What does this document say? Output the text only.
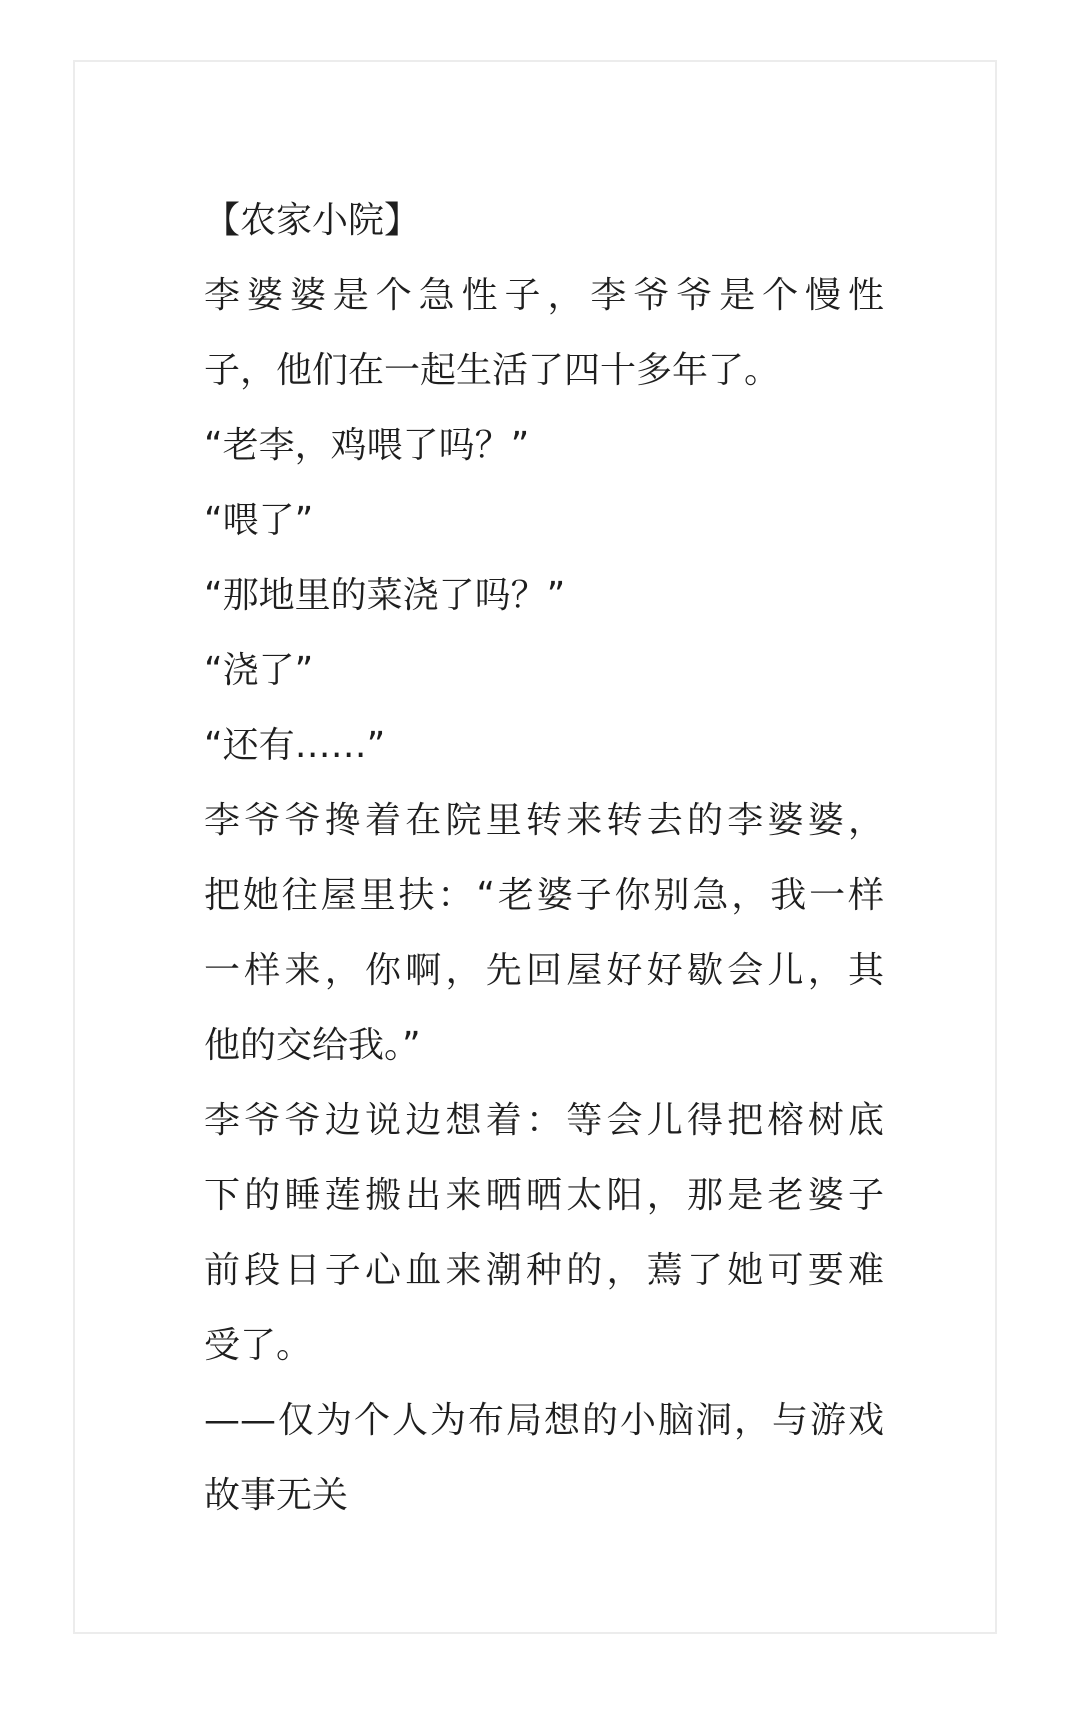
【农家小院】
李婆婆是个急性子，李爷爷是个慢性
子，他们在一起生活了四十多年了。
“老李，鸡喂了吗？”
“喂了”
“那地里的菜浇了吗？”
“浇了”
“还有……”
李爷爷搀着在院里转来转去的李婆婆，
把她往屋里扶：“老婆子你别急，我一样
一样来，你啊，先回屋好好歇会儿，其
他的交给我。”
李爷爷边说边想着：等会儿得把榕树底
下的睡莲搬出来晒晒太阳，那是老婆子
前段日子心血来潮种的，蔫了她可要难
受了。
——仅为个人为布局想的小脑洞，与游戏
故事无关
